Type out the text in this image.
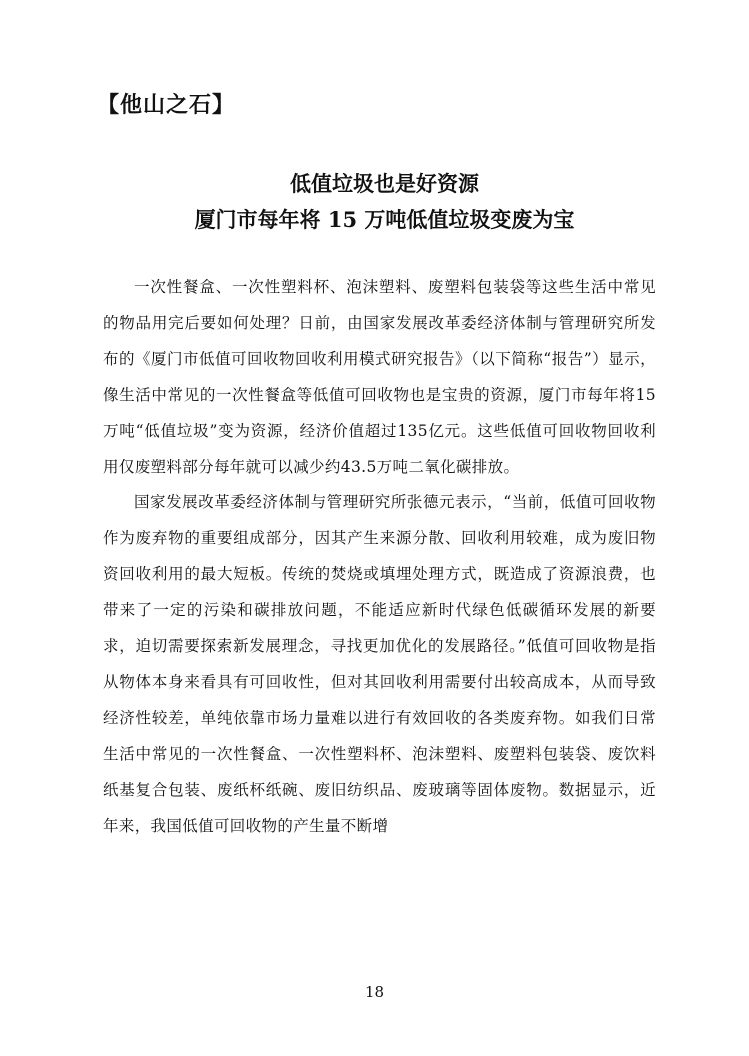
【他山之石】
低值垃圾也是好资源
厦门市每年将 15 万吨低值垃圾变废为宝

一次性餐盒、一次性塑料杯、泡沫塑料、废塑料包装袋等这些生活中常见的物品用完后要如何处理？日前，由国家发展改革委经济体制与管理研究所发布的《厦门市低值可回收物回收利用模式研究报告》（以下简称“报告”）显示，像生活中常见的一次性餐盒等低值可回收物也是宝贵的资源，厦门市每年将15万吨“低值垃圾”变为资源，经济价值超过135亿元。这些低值可回收物回收利用仅废塑料部分每年就可以减少约43.5万吨二氧化碳排放。

国家发展改革委经济体制与管理研究所张德元表示，“当前，低值可回收物作为废弃物的重要组成部分，因其产生来源分散、回收利用较难，成为废旧物资回收利用的最大短板。传统的焚烧或填埋处理方式，既造成了资源浪费，也带来了一定的污染和碳排放问题，不能适应新时代绿色低碳循环发展的新要求，迫切需要探索新发展理念，寻找更加优化的发展路径。”低值可回收物是指从物体本身来看具有可回收性，但对其回收利用需要付出较高成本，从而导致经济性较差，单纯依靠市场力量难以进行有效回收的各类废弃物。如我们日常生活中常见的一次性餐盒、一次性塑料杯、泡沫塑料、废塑料包装袋、废饮料纸基复合包装、废纸杯纸碗、废旧纺织品、废玻璃等固体废物。数据显示，近年来，我国低值可回收物的产生量不断增

18
